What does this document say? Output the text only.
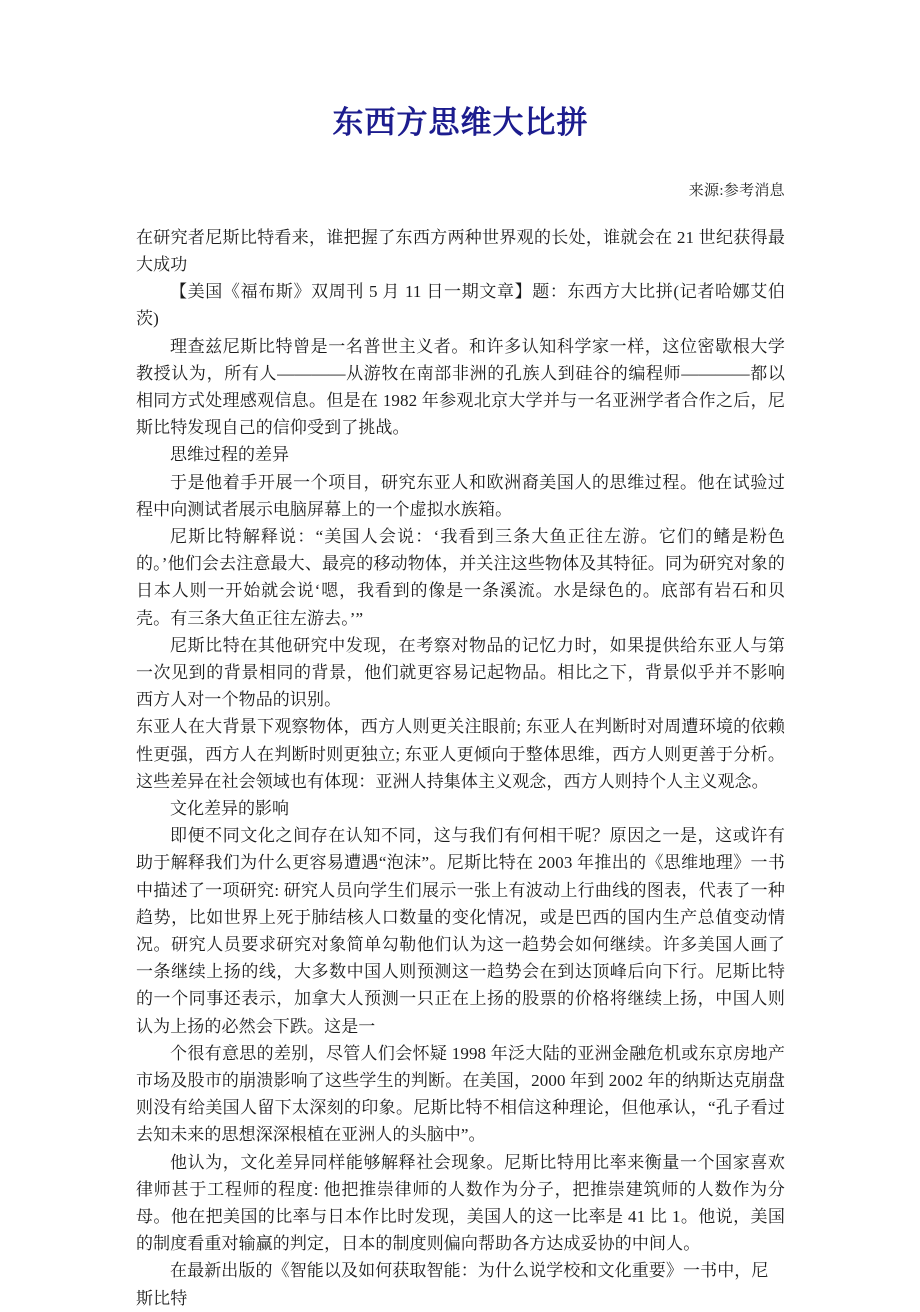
东西方思维大比拼
来源:参考消息

在研究者尼斯比特看来，谁把握了东西方两种世界观的长处，谁就会在 21 世纪获得最大成功

【美国《福布斯》双周刊 5 月 11 日一期文章】题：东西方大比拼(记者哈娜艾伯茨)

理查兹尼斯比特曾是一名普世主义者。和许多认知科学家一样，这位密歇根大学教授认为，所有人————从游牧在南部非洲的孔族人到硅谷的编程师————都以相同方式处理感观信息。但是在 1982 年参观北京大学并与一名亚洲学者合作之后，尼斯比特发现自己的信仰受到了挑战。

思维过程的差异

于是他着手开展一个项目，研究东亚人和欧洲裔美国人的思维过程。他在试验过程中向测试者展示电脑屏幕上的一个虚拟水族箱。

尼斯比特解释说：“美国人会说：‘我看到三条大鱼正往左游。它们的鳍是粉色的。’他们会去注意最大、最亮的移动物体，并关注这些物体及其特征。同为研究对象的日本人则一开始就会说‘嗯，我看到的像是一条溪流。水是绿色的。底部有岩石和贝壳。有三条大鱼正往左游去。’”

尼斯比特在其他研究中发现，在考察对物品的记忆力时，如果提供给东亚人与第一次见到的背景相同的背景，他们就更容易记起物品。相比之下，背景似乎并不影响西方人对一个物品的识别。

东亚人在大背景下观察物体，西方人则更关注眼前; 东亚人在判断时对周遭环境的依赖性更强，西方人在判断时则更独立; 东亚人更倾向于整体思维，西方人则更善于分析。这些差异在社会领域也有体现：亚洲人持集体主义观念，西方人则持个人主义观念。

文化差异的影响

即便不同文化之间存在认知不同，这与我们有何相干呢？原因之一是，这或许有助于解释我们为什么更容易遭遇“泡沫”。尼斯比特在 2003 年推出的《思维地理》一书中描述了一项研究: 研究人员向学生们展示一张上有波动上行曲线的图表，代表了一种趋势，比如世界上死于肺结核人口数量的变化情况，或是巴西的国内生产总值变动情况。研究人员要求研究对象简单勾勒他们认为这一趋势会如何继续。许多美国人画了一条继续上扬的线，大多数中国人则预测这一趋势会在到达顶峰后向下行。尼斯比特的一个同事还表示，加拿大人预测一只正在上扬的股票的价格将继续上扬，中国人则认为上扬的必然会下跌。这是一

个很有意思的差别，尽管人们会怀疑 1998 年泛大陆的亚洲金融危机或东京房地产市场及股市的崩溃影响了这些学生的判断。在美国，2000 年到 2002 年的纳斯达克崩盘则没有给美国人留下太深刻的印象。尼斯比特不相信这种理论，但他承认，“孔子看过去知未来的思想深深根植在亚洲人的头脑中”。

他认为，文化差异同样能够解释社会现象。尼斯比特用比率来衡量一个国家喜欢律师甚于工程师的程度: 他把推崇律师的人数作为分子，把推崇建筑师的人数作为分母。他在把美国的比率与日本作比时发现，美国人的这一比率是 41 比 1。他说，美国的制度看重对输赢的判定，日本的制度则偏向帮助各方达成妥协的中间人。

在最新出版的《智能以及如何获取智能：为什么说学校和文化重要》一书中，尼斯比特
